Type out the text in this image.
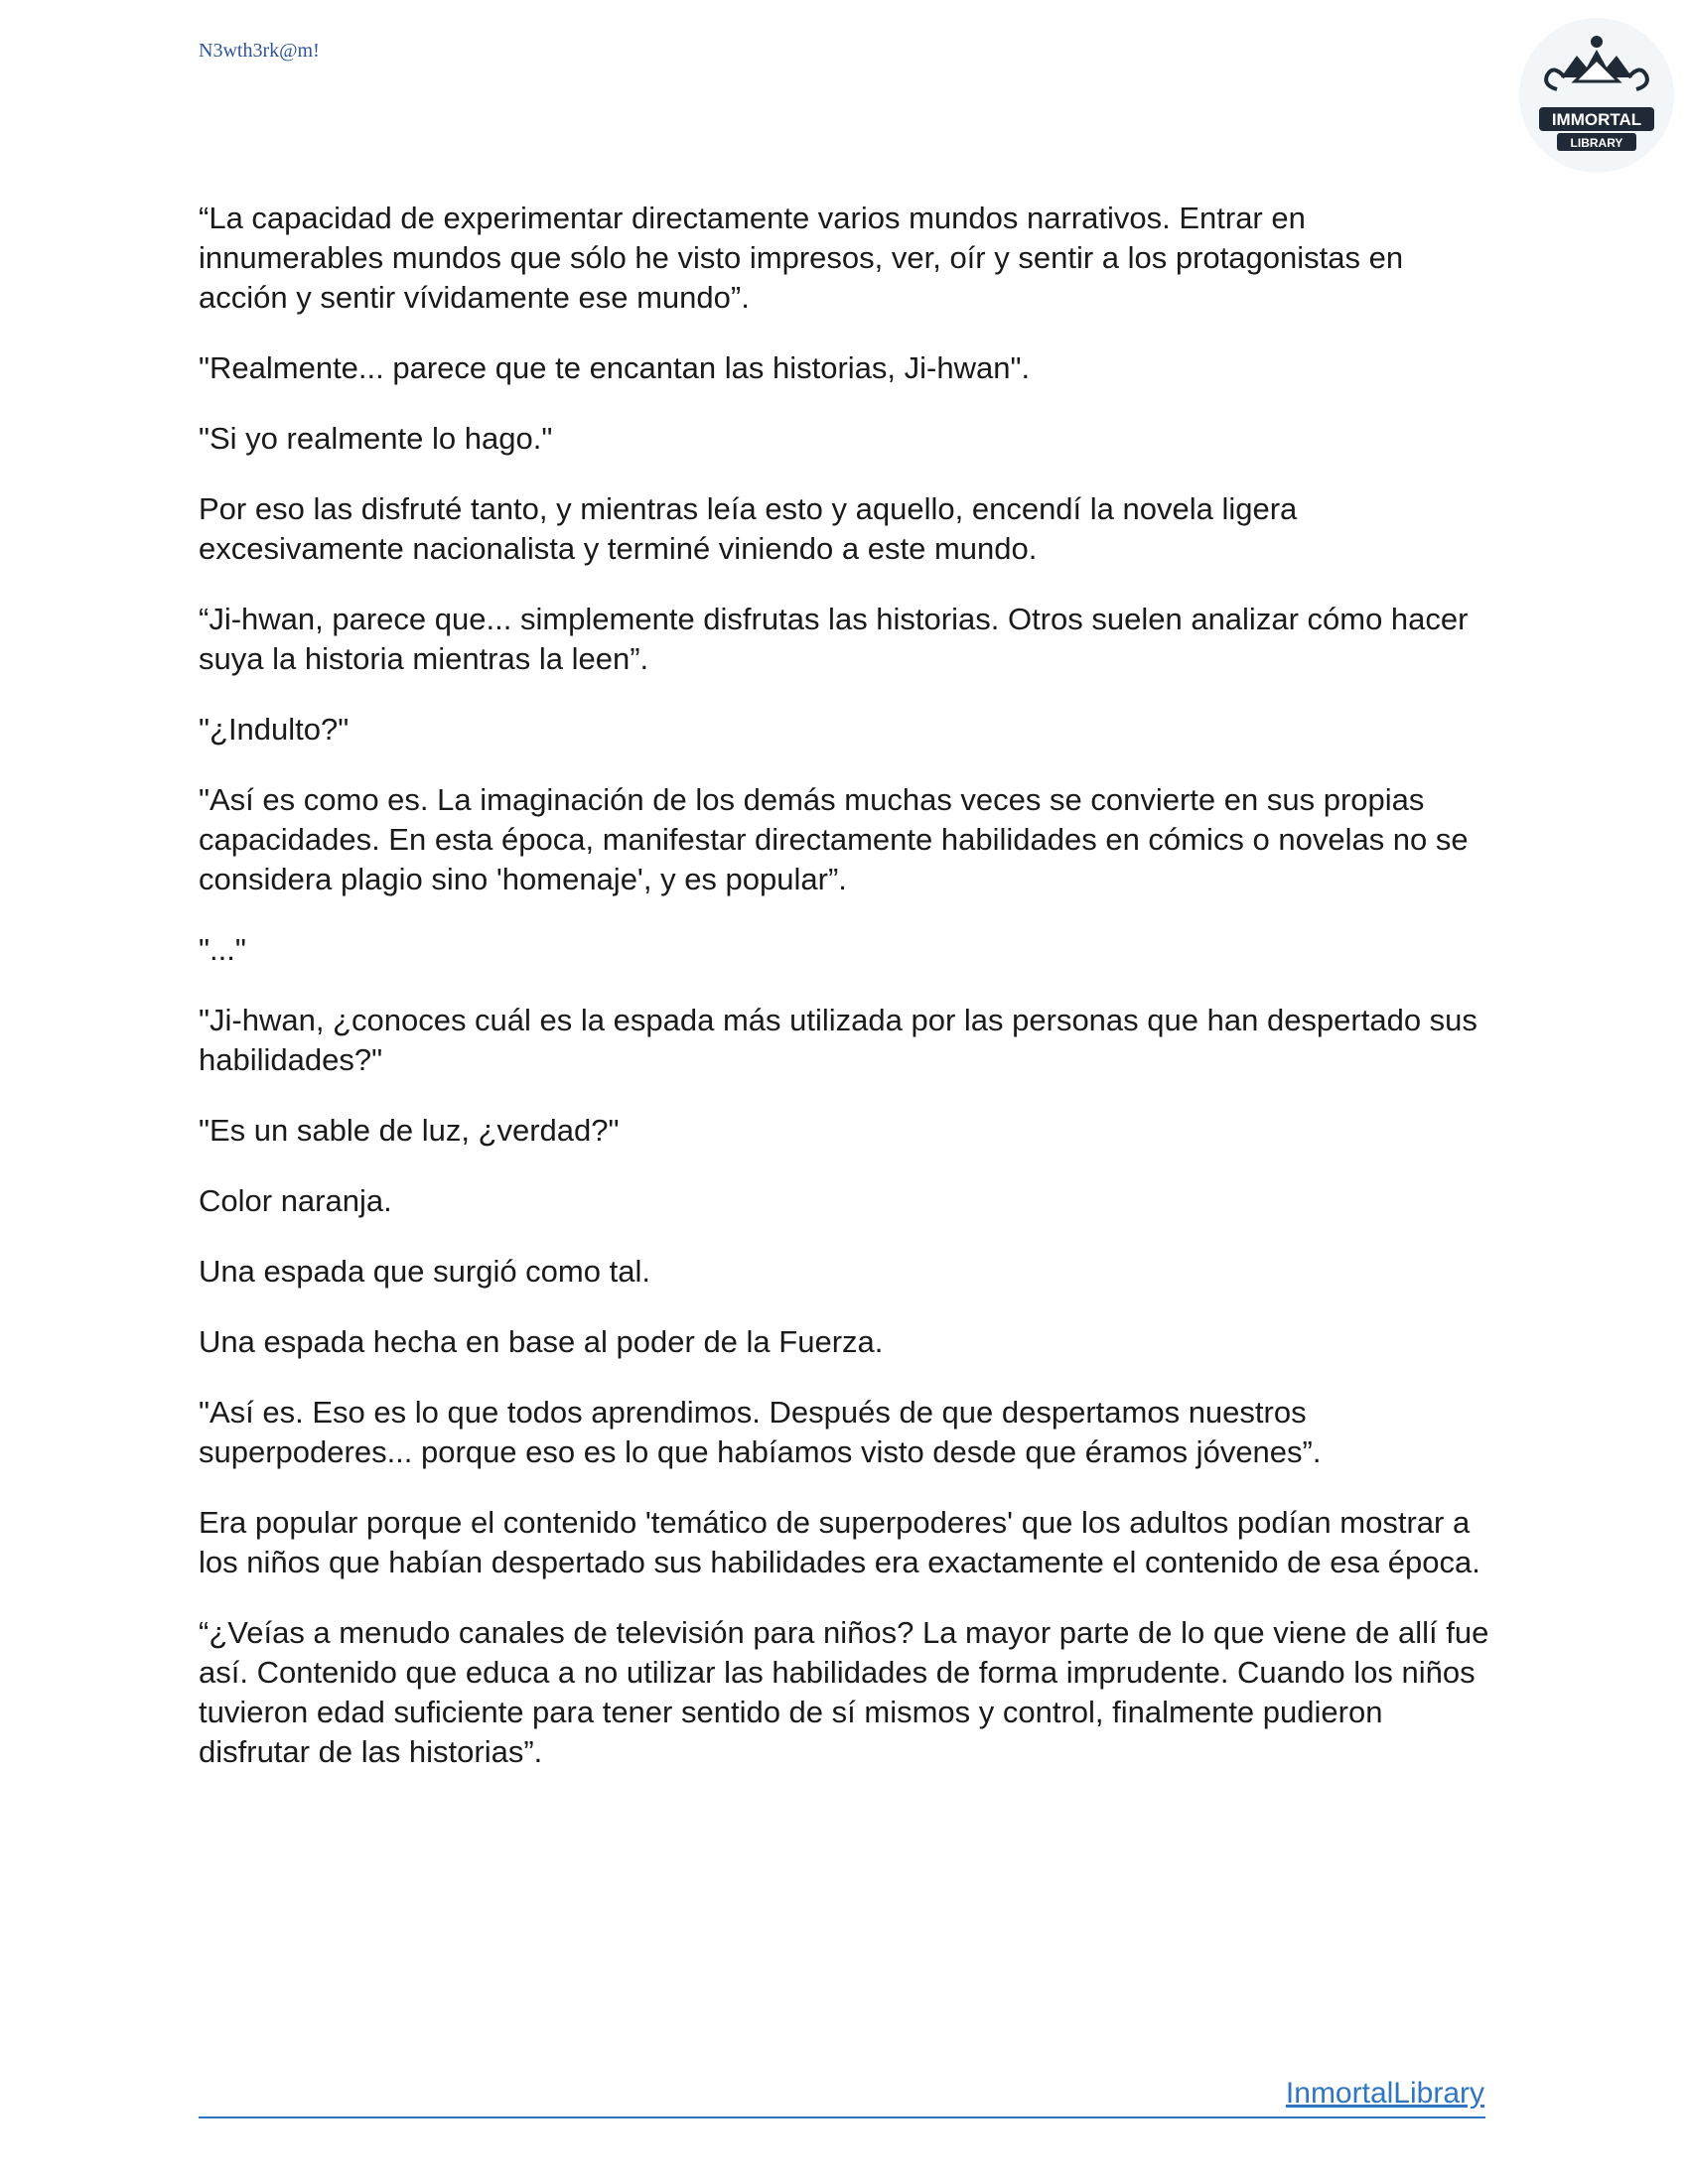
N3wth3rk@m!
IMMORTAL
LIBRARY

“La capacidad de experimentar directamente varios mundos narrativos. Entrar en innumerables mundos que sólo he visto impresos, ver, oír y sentir a los protagonistas en acción y sentir vívidamente ese mundo”.

"Realmente... parece que te encantan las historias, Ji-hwan".

"Si yo realmente lo hago."

Por eso las disfruté tanto, y mientras leía esto y aquello, encendí la novela ligera excesivamente nacionalista y terminé viniendo a este mundo.

“Ji-hwan, parece que... simplemente disfrutas las historias. Otros suelen analizar cómo hacer suya la historia mientras la leen”.

"¿Indulto?"

"Así es como es. La imaginación de los demás muchas veces se convierte en sus propias capacidades. En esta época, manifestar directamente habilidades en cómics o novelas no se considera plagio sino 'homenaje', y es popular”.

"..."

"Ji-hwan, ¿conoces cuál es la espada más utilizada por las personas que han despertado sus habilidades?"

"Es un sable de luz, ¿verdad?"

Color naranja.

Una espada que surgió como tal.

Una espada hecha en base al poder de la Fuerza.

"Así es. Eso es lo que todos aprendimos. Después de que despertamos nuestros superpoderes... porque eso es lo que habíamos visto desde que éramos jóvenes”.

Era popular porque el contenido 'temático de superpoderes' que los adultos podían mostrar a los niños que habían despertado sus habilidades era exactamente el contenido de esa época.

“¿Veías a menudo canales de televisión para niños? La mayor parte de lo que viene de allí fue así. Contenido que educa a no utilizar las habilidades de forma imprudente. Cuando los niños tuvieron edad suficiente para tener sentido de sí mismos y control, finalmente pudieron disfrutar de las historias”.

InmortalLibrary
